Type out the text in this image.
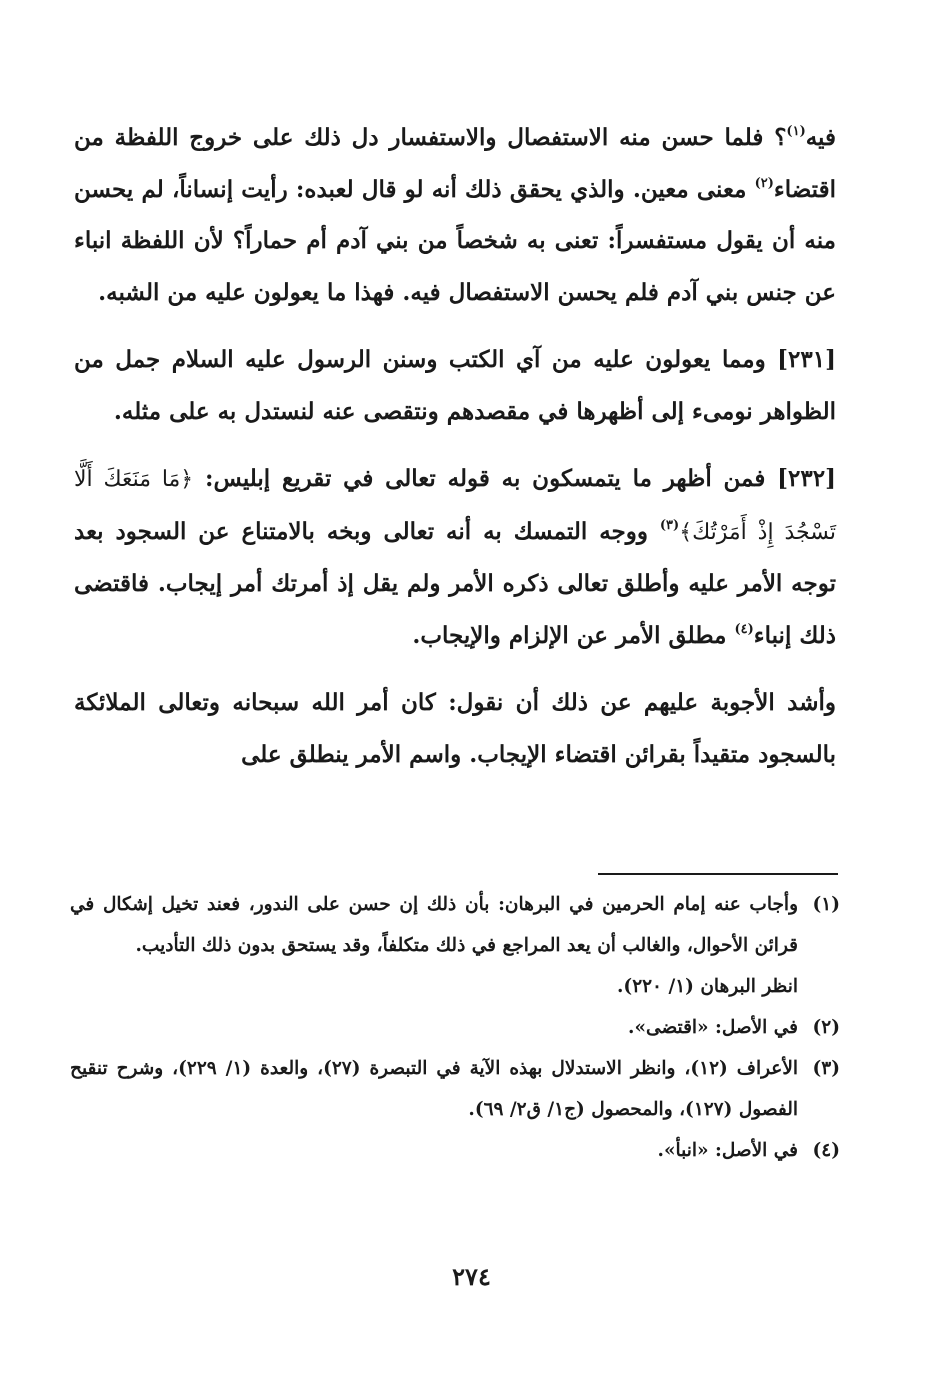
فيه$^{(١)}$؟ فلما حسن منه الاستفصال والاستفسار دل ذلك على خروج اللفظة من اقتضاء$^{(٢)}$ معنى معين. والذي يحقق ذلك أنه لو قال لعبده: رأيت إنساناً، لم يحسن منه أن يقول مستفسراً: تعنى به شخصاً من بني آدم أم حماراً؟ لأن اللفظة انباء عن جنس بني آدم فلم يحسن الاستفصال فيه. فهذا ما يعولون عليه من الشبه.

[٢٣١] ومما يعولون عليه من آي الكتب وسنن الرسول عليه السلام جمل من الظواهر نومىء إلى أظهرها في مقصدهم ونتقصى عنه لنستدل به على مثله.

[٢٣٢] فمن أظهر ما يتمسكون به قوله تعالى في تقريع إبليس: ﴿مَا مَنَعَكَ أَلَّا تَسْجُدَ إِذْ أَمَرْتُكَ﴾$^{(٣)}$ ووجه التمسك به أنه تعالى وبخه بالامتناع عن السجود بعد توجه الأمر عليه وأطلق تعالى ذكره الأمر ولم يقل إذ أمرتك أمر إيجاب. فاقتضى ذلك إنباء$^{(٤)}$ مطلق الأمر عن الإلزام والإيجاب.

وأشد الأجوبة عليهم عن ذلك أن نقول: كان أمر الله سبحانه وتعالى الملائكة بالسجود متقيداً بقرائن اقتضاء الإيجاب. واسم الأمر ينطلق على

(١)
وأجاب عنه إمام الحرمين في البرهان: بأن ذلك إن حسن على الندور، فعند تخيل إشكال في قرائن الأحوال، والغالب أن يعد المراجع في ذلك متكلفاً، وقد يستحق بدون ذلك التأديب.

انظر البرهان (١/ ٢٢٠).

(٢)
في الأصل: «اقتضى».

(٣)
الأعراف (١٢)، وانظر الاستدلال بهذه الآية في التبصرة (٢٧)، والعدة (١/ ٢٢٩)، وشرح تنقيح الفصول (١٢٧)، والمحصول (ج١/ ق٢/ ٦٩).

(٤)
في الأصل: «انبأ».

٢٧٤
